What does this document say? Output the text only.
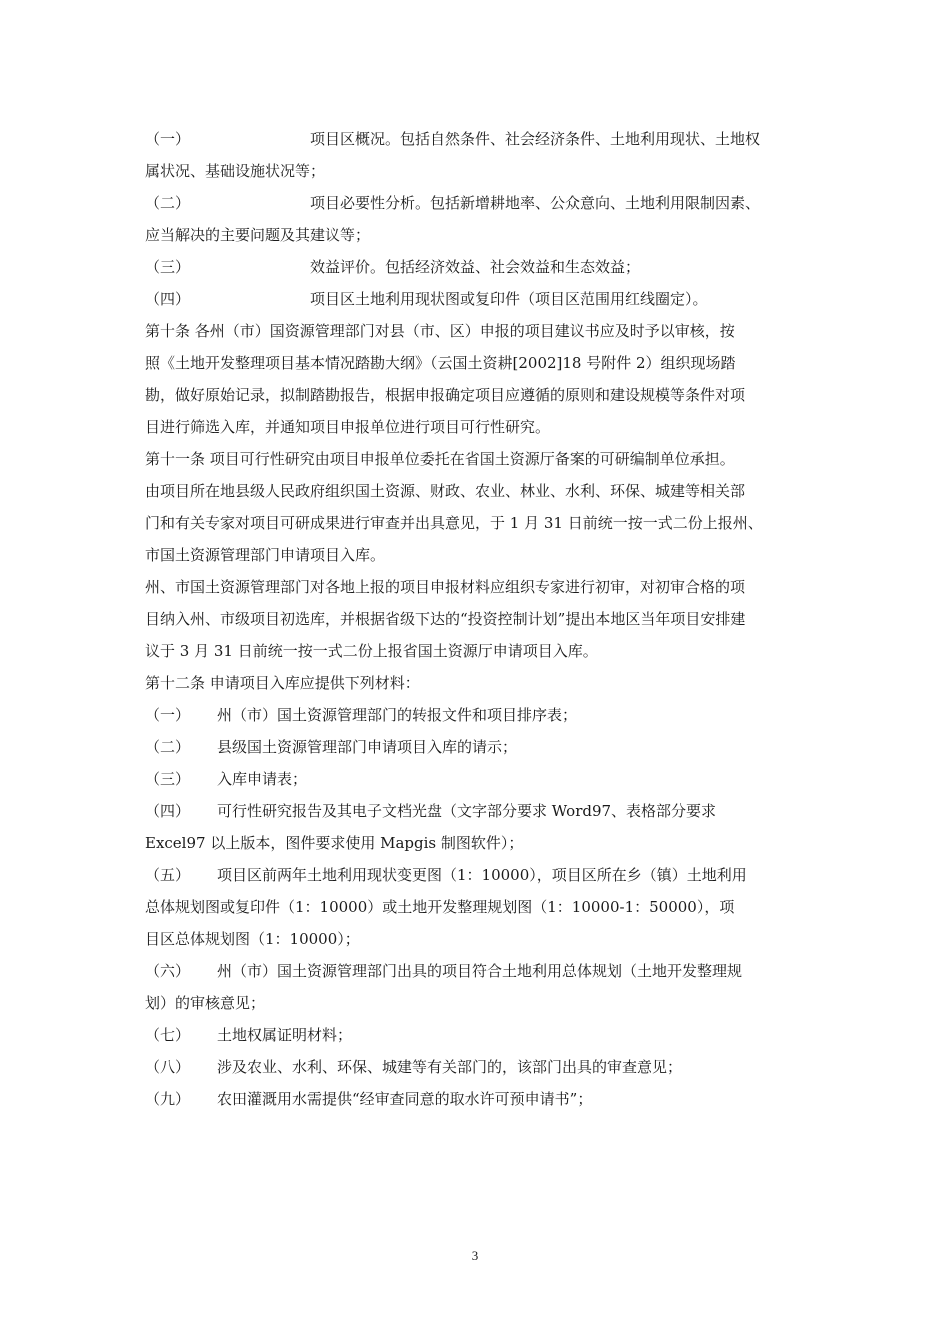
（一）	项目区概况。包括自然条件、社会经济条件、土地利用现状、土地权
属状况、基础设施状况等；
（二）	项目必要性分析。包括新增耕地率、公众意向、土地利用限制因素、
应当解决的主要问题及其建议等；
（三）	效益评价。包括经济效益、社会效益和生态效益；
（四）	项目区土地利用现状图或复印件（项目区范围用红线圈定）。
第十条 各州（市）国资源管理部门对县（市、区）申报的项目建议书应及时予以审核，按
照《土地开发整理项目基本情况踏勘大纲》（云国土资耕[2002]18 号附件 2）组织现场踏
勘，做好原始记录，拟制踏勘报告，根据申报确定项目应遵循的原则和建设规模等条件对项
目进行筛选入库，并通知项目申报单位进行项目可行性研究。
第十一条 项目可行性研究由项目申报单位委托在省国土资源厅备案的可研编制单位承担。
由项目所在地县级人民政府组织国土资源、财政、农业、林业、水利、环保、城建等相关部
门和有关专家对项目可研成果进行审查并出具意见，于 1 月 31 日前统一按一式二份上报州、
市国土资源管理部门申请项目入库。
州、市国土资源管理部门对各地上报的项目申报材料应组织专家进行初审，对初审合格的项
目纳入州、市级项目初选库，并根据省级下达的“投资控制计划”提出本地区当年项目安排建
议于 3 月 31 日前统一按一式二份上报省国土资源厅申请项目入库。
第十二条 申请项目入库应提供下列材料：
（一）	州（市）国土资源管理部门的转报文件和项目排序表；
（二）	县级国土资源管理部门申请项目入库的请示；
（三）	入库申请表；
（四）	可行性研究报告及其电子文档光盘（文字部分要求 Word97、表格部分要求
Excel97 以上版本，图件要求使用 Mapgis 制图软件）；
（五）	项目区前两年土地利用现状变更图（1：10000），项目区所在乡（镇）土地利用
总体规划图或复印件（1：10000）或土地开发整理规划图（1：10000-1：50000），项
目区总体规划图（1：10000）；
（六）	州（市）国土资源管理部门出具的项目符合土地利用总体规划（土地开发整理规
划）的审核意见；
（七）	土地权属证明材料；
（八）	涉及农业、水利、环保、城建等有关部门的，该部门出具的审查意见；
（九）	农田灌溉用水需提供“经审查同意的取水许可预申请书”；
3
